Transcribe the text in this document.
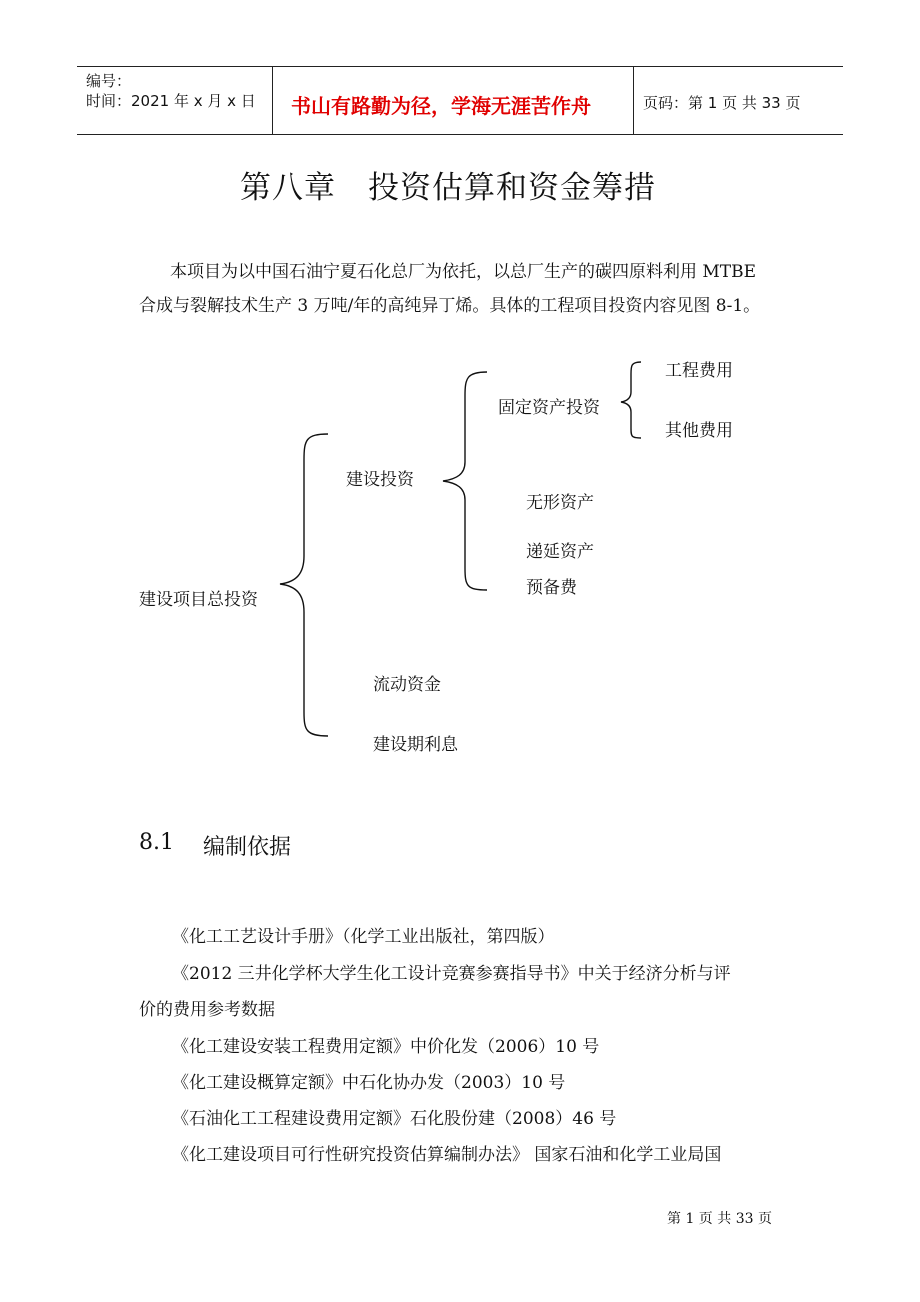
编号：
时间：2021 年 x 月 x 日 书山有路勤为径，学海无涯苦作舟	页码：第 1 页 共 33 页
第八章　投资估算和资金筹措
本项目为以中国石油宁夏石化总厂为依托，以总厂生产的碳四原料利用 MTBE
合成与裂解技术生产 3 万吨/年的高纯异丁烯。具体的工程项目投资内容见图 8-1。
建设项目总投资
建设投资
固定资产投资
工程费用
其他费用
无形资产
递延资产
预备费
流动资金
建设期利息
8.1 编制依据
《化工工艺设计手册》（化学工业出版社，第四版）
《2012 三井化学杯大学生化工设计竞赛参赛指导书》中关于经济分析与评
价的费用参考数据
《化工建设安装工程费用定额》中价化发（2006）10 号
《化工建设概算定额》中石化协办发（2003）10 号
《石油化工工程建设费用定额》石化股份建（2008）46 号
《化工建设项目可行性研究投资估算编制办法》 国家石油和化学工业局国
第 1 页 共 33 页
